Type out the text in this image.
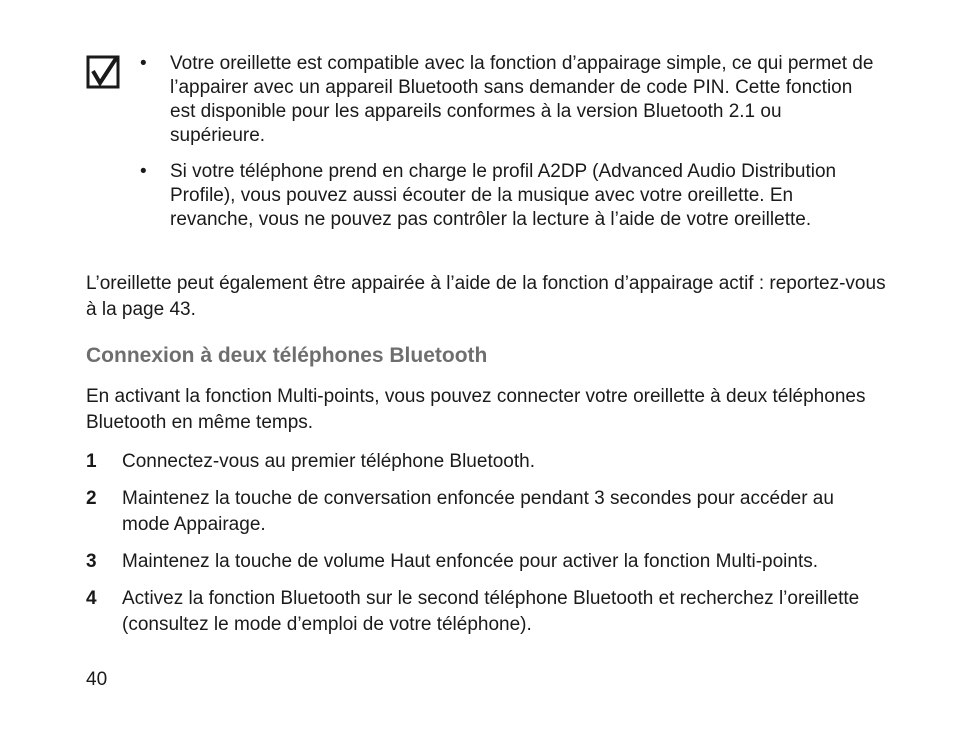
• Votre oreillette est compatible avec la fonction d’appairage simple, ce qui permet de l’appairer avec un appareil Bluetooth sans demander de code PIN. Cette fonction est disponible pour les appareils conformes à la version Bluetooth 2.1 ou supérieure.
• Si votre téléphone prend en charge le profil A2DP (Advanced Audio Distribution Profile), vous pouvez aussi écouter de la musique avec votre oreillette. En revanche, vous ne pouvez pas contrôler la lecture à l’aide de votre oreillette.

L’oreillette peut également être appairée à l’aide de la fonction d’appairage actif : reportez-vous à la page 43.

Connexion à deux téléphones Bluetooth

En activant la fonction Multi-points, vous pouvez connecter votre oreillette à deux téléphones Bluetooth en même temps.

1 Connectez-vous au premier téléphone Bluetooth.
2 Maintenez la touche de conversation enfoncée pendant 3 secondes pour accéder au mode Appairage.
3 Maintenez la touche de volume Haut enfoncée pour activer la fonction Multi-points.
4 Activez la fonction Bluetooth sur le second téléphone Bluetooth et recherchez l’oreillette (consultez le mode d’emploi de votre téléphone).
40
